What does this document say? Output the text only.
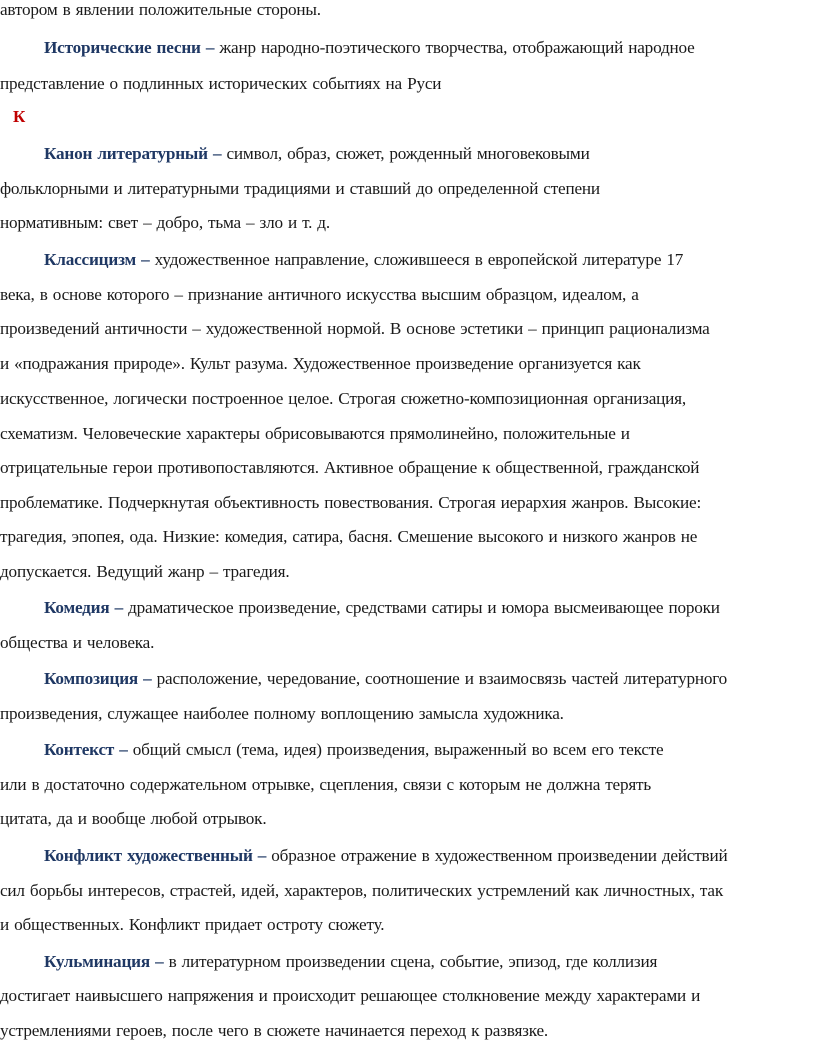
автором в явлении положительные стороны.
Исторические песни – жанр народно-поэтического творчества, отображающий народное
представление о подлинных исторических событиях на Руси
К
Канон литературный – символ, образ, сюжет, рожденный многовековыми
фольклорными и литературными традициями и ставший до определенной степени
нормативным: свет – добро, тьма – зло и т. д.
Классицизм – художественное направление, сложившееся в европейской литературе 17
века, в основе которого – признание античного искусства высшим образцом, идеалом, а
произведений античности – художественной нормой. В основе эстетики – принцип рационализма
и «подражания природе». Культ разума. Художественное произведение организуется как
искусственное, логически построенное целое. Строгая сюжетно-композиционная организация,
схематизм. Человеческие характеры обрисовываются прямолинейно, положительные и
отрицательные герои противопоставляются. Активное обращение к общественной, гражданской
проблематике. Подчеркнутая объективность повествования. Строгая иерархия жанров. Высокие:
трагедия, эпопея, ода. Низкие: комедия, сатира, басня. Смешение высокого и низкого жанров не
допускается. Ведущий жанр – трагедия.
Комедия – драматическое произведение, средствами сатиры и юмора высмеивающее пороки
общества и человека.
Композиция – расположение, чередование, соотношение и взаимосвязь частей литературного
произведения, служащее наиболее полному воплощению замысла художника.
Контекст – общий смысл (тема, идея) произведения, выраженный во всем его тексте
или в достаточно содержательном отрывке, сцепления, связи с которым не должна терять
цитата, да и вообще любой отрывок.
Конфликт художественный – образное отражение в художественном произведении действий
сил борьбы интересов, страстей, идей, характеров, политических устремлений как личностных, так
и общественных. Конфликт придает остроту сюжету.
Кульминация – в литературном произведении сцена, событие, эпизод, где коллизия
достигает наивысшего напряжения и происходит решающее столкновение между характерами и
устремлениями героев, после чего в сюжете начинается переход к развязке.
